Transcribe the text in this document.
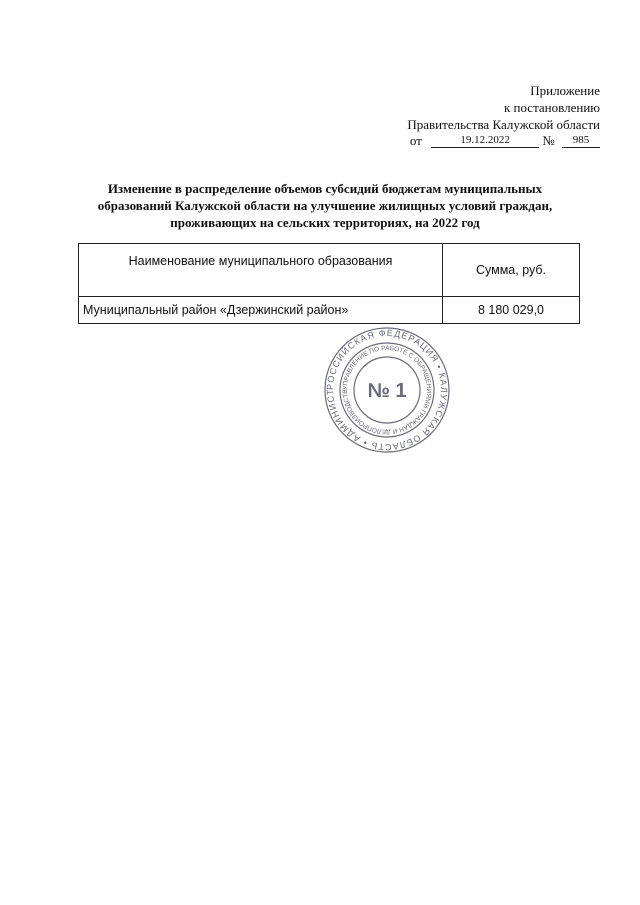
Приложение
к постановлению
Правительства Калужской области
от	19.12.2022	№ 985
Изменение в распределение объемов субсидий бюджетам муниципальных
образований Калужской области на улучшение жилищных условий граждан,
проживающих на сельских территориях, на 2022 год
Наименование муниципального образования	Сумма, руб.
Муниципальный район «Дзержинский район»	8 180 029,0
РОССИЙСКАЯ ФЕДЕРАЦИЯ • КАЛУЖСКАЯ ОБЛАСТЬ • АДМИНИСТ
УПРАВЛЕНИЕ ПО РАБОТЕ С ОБРАЩЕНИЯМИ ГРАЖДАН И ДЕЛОПРОИЗВОДСТВ № 1
